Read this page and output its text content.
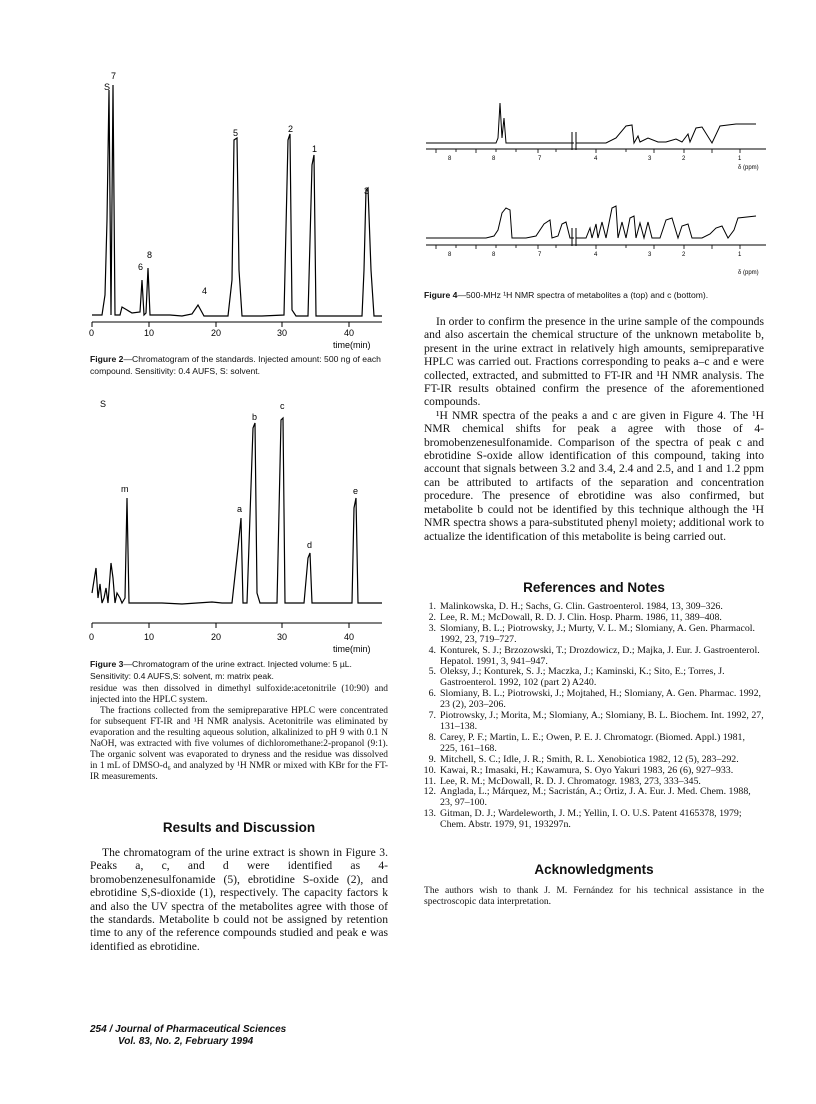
7
S
6
8
4
5	2
1
3
0	10	20	30	40
time(min)
Figure 2—Chromatogram of the standards. Injected amount: 500 ng of each compound. Sensitivity: 0.4 AUFS, S: solvent.
S
m
b
c
a
e
d
0	10	20	30	40
time(min)
Figure 3—Chromatogram of the urine extract. Injected volume: 5 µL. Sensitivity: 0.4 AUFS,S: solvent, m: matrix peak.

residue was then dissolved in dimethyl sulfoxide:acetonitrile (10:90) and injected into the HPLC system.

The fractions collected from the semipreparative HPLC were concentrated for subsequent FT-IR and ¹H NMR analysis. Acetonitrile was eliminated by evaporation and the resulting aqueous solution, alkalinized to pH 9 with 0.1 N NaOH, was extracted with five volumes of dichloromethane:2-propanol (9:1). The organic solvent was evaporated to dryness and the residue was dissolved in 1 mL of DMSO-d₆ and analyzed by ¹H NMR or mixed with KBr for the FT-IR measurements.

Results and Discussion

The chromatogram of the urine extract is shown in Figure 3. Peaks a, c, and d were identified as 4-bromobenzenesulfonamide (5), ebrotidine S-oxide (2), and ebrotidine S,S-dioxide (1), respectively. The capacity factors k and also the UV spectra of the metabolites agree with those of the standards. Metabolite b could not be assigned by retention time to any of the reference compounds studied and peak e was identified as ebrotidine.

8	8	7	4	3	2	1
δ (ppm)
8	8	7	4	3	2	1
δ (ppm)
Figure 4—500-MHz ¹H NMR spectra of metabolites a (top) and c (bottom).

In order to confirm the presence in the urine sample of the compounds and also ascertain the chemical structure of the unknown metabolite b, present in the urine extract in relatively high amounts, semipreparative HPLC was carried out. Fractions corresponding to peaks a–c and e were collected, extracted, and submitted to FT-IR and ¹H NMR analysis. The FT-IR results obtained confirm the presence of the aforementioned compounds.

¹H NMR spectra of the peaks a and c are given in Figure 4. The ¹H NMR chemical shifts for peak a agree with those of 4-bromobenzenesulfonamide. Comparison of the spectra of peak c and ebrotidine S-oxide allow identification of this compound, taking into account that signals between 3.2 and 3.4, 2.4 and 2.5, and 1 and 1.2 ppm can be attributed to artifacts of the separation and concentration procedure. The presence of ebrotidine was also confirmed, but metabolite b could not be identified by this technique although the ¹H NMR spectra shows a para-substituted phenyl moiety; additional work to actualize the identification of this metabolite is being carried out.

References and Notes
1. Malinkowska, D. H.; Sachs, G. Clin. Gastroenterol. 1984, 13, 309–326.
2. Lee, R. M.; McDowall, R. D. J. Clin. Hosp. Pharm. 1986, 11, 389–408.
3. Slomiany, B. L.; Piotrowsky, J.; Murty, V. L. M.; Slomiany, A. Gen. Pharmacol. 1992, 23, 719–727.
4. Konturek, S. J.; Brzozowski, T.; Drozdowicz, D.; Majka, J. Eur. J. Gastroenterol. Hepatol. 1991, 3, 941–947.
5. Oleksy, J.; Konturek, S. J.; Maczka, J.; Kaminski, K.; Sito, E.; Torres, J. Gastroenterol. 1992, 102 (part 2) A240.
6. Slomiany, B. L.; Piotrowski, J.; Mojtahed, H.; Slomiany, A. Gen. Pharmac. 1992, 23 (2), 203–206.
7. Piotrowsky, J.; Morita, M.; Slomiany, A.; Slomiany, B. L. Biochem. Int. 1992, 27, 131–138.
8. Carey, P. F.; Martin, L. E.; Owen, P. E. J. Chromatogr. (Biomed. Appl.) 1981, 225, 161–168.
9. Mitchell, S. C.; Idle, J. R.; Smith, R. L. Xenobiotica 1982, 12 (5), 283–292.
10. Kawai, R.; Imasaki, H.; Kawamura, S. Oyo Yakuri 1983, 26 (6), 927–933.
11. Lee, R. M.; McDowall, R. D. J. Chromatogr. 1983, 273, 333–345.
12. Anglada, L.; Márquez, M.; Sacristán, A.; Ortiz, J. A. Eur. J. Med. Chem. 1988, 23, 97–100.
13. Gitman, D. J.; Wardeleworth, J. M.; Yellin, I. O. U.S. Patent 4165378, 1979; Chem. Abstr. 1979, 91, 193297n.
Acknowledgments
The authors wish to thank J. M. Fernández for his technical assistance in the spectroscopic data interpretation.
254 / Journal of Pharmaceutical Sciences
Vol. 83, No. 2, February 1994
